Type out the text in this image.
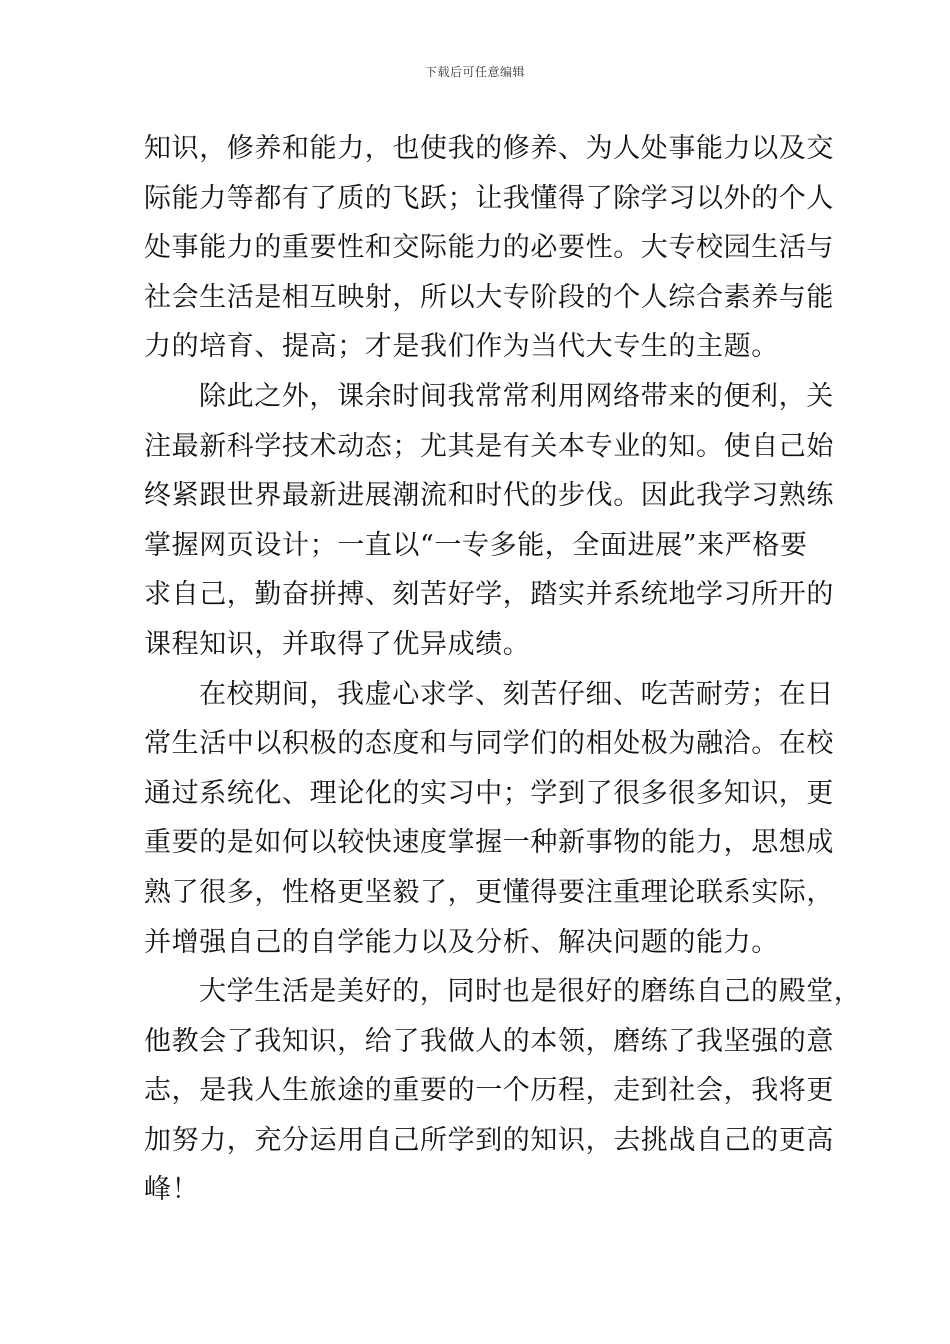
下载后可任意编辑
知识，修养和能力，也使我的修养、为人处事能力以及交
际能力等都有了质的飞跃；让我懂得了除学习以外的个人
处事能力的重要性和交际能力的必要性。大专校园生活与
社会生活是相互映射，所以大专阶段的个人综合素养与能
力的培育、提高；才是我们作为当代大专生的主题。
除此之外，课余时间我常常利用网络带来的便利，关
注最新科学技术动态；尤其是有关本专业的知。使自己始
终紧跟世界最新进展潮流和时代的步伐。因此我学习熟练
掌握网页设计；一直以“一专多能，全面进展”来严格要
求自己，勤奋拼搏、刻苦好学，踏实并系统地学习所开的
课程知识，并取得了优异成绩。
在校期间，我虚心求学、刻苦仔细、吃苦耐劳；在日
常生活中以积极的态度和与同学们的相处极为融洽。在校
通过系统化、理论化的实习中；学到了很多很多知识，更
重要的是如何以较快速度掌握一种新事物的能力，思想成
熟了很多，性格更坚毅了，更懂得要注重理论联系实际，
并增强自己的自学能力以及分析、解决问题的能力。
大学生活是美好的，同时也是很好的磨练自己的殿堂，
他教会了我知识，给了我做人的本领，磨练了我坚强的意
志，是我人生旅途的重要的一个历程，走到社会，我将更
加努力，充分运用自己所学到的知识，去挑战自己的更高
峰！
